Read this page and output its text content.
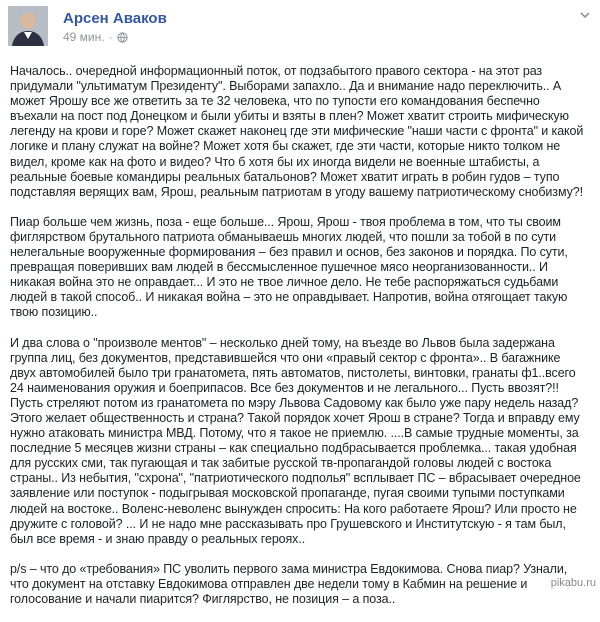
Арсен Аваков
49 мин. ·

Началось.. очередной информационный поток, от подзабытого правого сектора - на этот раз придумали "ультиматум Президенту". Выборами запахло.. Да и внимание надо переключить.. А может Ярошу все же ответить за те 32 человека, что по тупости его командования беспечно въехали на пост под Донецком и были убиты и взяты в плен? Может хватит строить мифическую легенду на крови и горе? Может скажет наконец где эти мифические "наши части с фронта" и какой логике и плану служат на войне? Может хотя бы скажет, где эти части, которые никто толком не видел, кроме как на фото и видео? Что б хотя бы их иногда видели не военные штабисты, а реальные боевые командиры реальных батальонов? Может хватит играть в робин гудов – тупо подставляя верящих вам, Ярош, реальным патриотам в угоду вашему патриотическому снобизму?!

Пиар больше чем жизнь, поза - еще больше... Ярош, Ярош - твоя проблема в том, что ты своим фиглярством брутального патриота обманываешь многих людей, что пошли за тобой в по сути нелегальные вооруженные формирования – без правил и основ, без законов и порядка. По сути, превращая поверивших вам людей в бессмысленное пушечное мясо неорганизованности.. И никакая война это не оправдает... И это не твое личное дело. Не тебе распоряжаться судьбами людей в такой способ.. И никакая война – это не оправдывает. Напротив, война отягощает такую твою позицию..

И два слова о "произволе ментов" – несколько дней тому, на въезде во Львов была задержана группа лиц, без документов, представившейся что они «правый сектор с фронта».. В багажнике двух автомобилей было три гранатомета, пять автоматов, пистолеты, винтовки, гранаты ф1..всего 24 наименования оружия и боеприпасов. Все без документов и не легального... Пусть ввозят?!! Пусть стреляют потом из гранатомета по мэру Львова Садовому как было уже пару недель назад? Этого желает общественность и страна? Такой порядок хочет Ярош в стране? Тогда и вправду ему нужно атаковать министра МВД. Потому, что я такое не приемлю. ....В самые трудные моменты, за последние 5 месяцев жизни страны – как специально подбрасывается проблемка... такая удобная для русских сми, так пугающая и так забитые русской тв-пропагандой головы людей с востока страны.. Из небытия, "схрона", "патриотического подполья" всплывает ПС – вбрасывает очередное заявление или поступок - подыгрывая московской пропаганде, пугая своими тупыми поступками людей на востоке.. Воленс-неволенс вынужден спросить: На кого работаете Ярош? Или просто не дружите с головой? ... И не надо мне рассказывать про Грушевского и Институтскую - я там был, был все время - и знаю правду о реальных героях..

p/s – что до «требования» ПС уволить первого зама министра Евдокимова. Снова пиар? Узнали, что документ на отставку Евдокимова отправлен две недели тому в Кабмин на решение и голосование и начали пиарится? Фиглярство, не позиция – а поза..

pikabu.ru
